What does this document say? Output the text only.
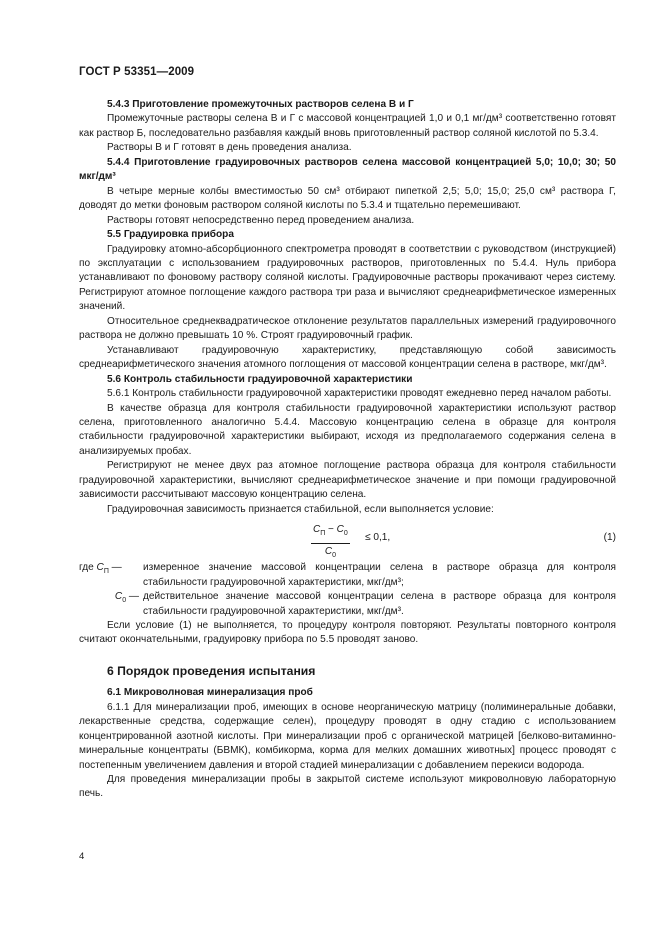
ГОСТ Р 53351—2009

5.4.3 Приготовление промежуточных растворов селена В и Г

Промежуточные растворы селена В и Г с массовой концентрацией 1,0 и 0,1 мг/дм³ соответственно готовят как раствор Б, последовательно разбавляя каждый вновь приготовленный раствор соляной кислотой по 5.3.4.

Растворы В и Г готовят в день проведения анализа.

5.4.4 Приготовление градуировочных растворов селена массовой концентрацией 5,0; 10,0; 30; 50 мкг/дм³

В четыре мерные колбы вместимостью 50 см³ отбирают пипеткой 2,5; 5,0; 15,0; 25,0 см³ раствора Г, доводят до метки фоновым раствором соляной кислоты по 5.3.4 и тщательно перемешивают.

Растворы готовят непосредственно перед проведением анализа.

5.5 Градуировка прибора

Градуировку атомно-абсорбционного спектрометра проводят в соответствии с руководством (инструкцией) по эксплуатации с использованием градуировочных растворов, приготовленных по 5.4.4. Нуль прибора устанавливают по фоновому раствору соляной кислоты. Градуировочные растворы прокачивают через систему. Регистрируют атомное поглощение каждого раствора три раза и вычисляют среднеарифметическое измеренных значений.

Относительное среднеквадратическое отклонение результатов параллельных измерений градуировочного раствора не должно превышать 10 %. Строят градуировочный график.

Устанавливают градуировочную характеристику, представляющую собой зависимость среднеарифметического значения атомного поглощения от массовой концентрации селена в растворе, мкг/дм³.

5.6 Контроль стабильности градуировочной характеристики

5.6.1 Контроль стабильности градуировочной характеристики проводят ежедневно перед началом работы.

В качестве образца для контроля стабильности градуировочной характеристики используют раствор селена, приготовленного аналогично 5.4.4. Массовую концентрацию селена в образце для контроля стабильности градуировочной характеристики выбирают, исходя из предполагаемого содержания селена в анализируемых пробах.

Регистрируют не менее двух раз атомное поглощение раствора образца для контроля стабильности градуировочной характеристики, вычисляют среднеарифметическое значение и при помощи градуировочной зависимости рассчитывают массовую концентрацию селена.

Градуировочная зависимость признается стабильной, если выполняется условие:

$C_П - C_0$
$C_0$
≤ 0,1,	(1)
где $C_П$ —	измеренное значение массовой концентрации селена в растворе образца для контроля стабильности градуировочной характеристики, мкг/дм³;
$C_0$ — действительное значение массовой концентрации селена в растворе образца для контроля стабильности градуировочной характеристики, мкг/дм³.

Если условие (1) не выполняется, то процедуру контроля повторяют. Результаты повторного контроля считают окончательными, градуировку прибора по 5.5 проводят заново.

6 Порядок проведения испытания

6.1 Микроволновая минерализация проб

6.1.1 Для минерализации проб, имеющих в основе неорганическую матрицу (полиминеральные добавки, лекарственные средства, содержащие селен), процедуру проводят в одну стадию с использованием концентрированной азотной кислоты. При минерализации проб с органической матрицей [белково-витаминно-минеральные концентраты (БВМК), комбикорма, корма для мелких домашних животных] процесс проводят с постепенным увеличением давления и второй стадией минерализации с добавлением перекиси водорода.

Для проведения минерализации пробы в закрытой системе используют микроволновую лабораторную печь.

4
